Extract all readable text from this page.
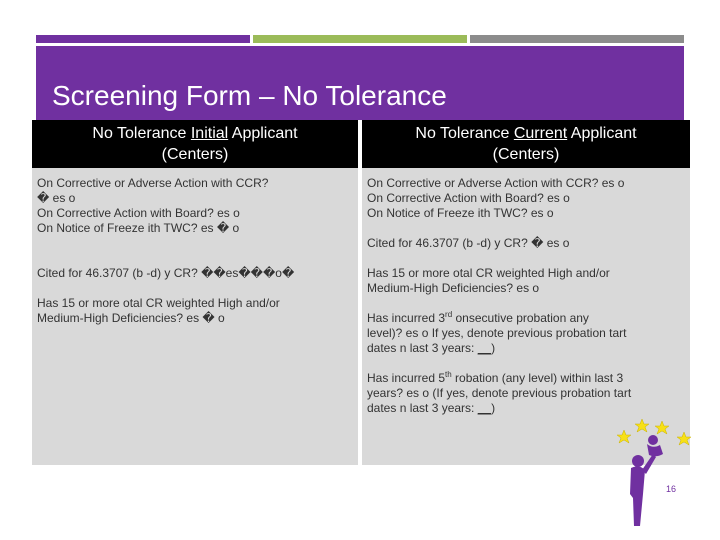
Screening Form – No Tolerance
No Tolerance Initial Applicant
(Centers)
No Tolerance Current Applicant
(Centers)
On Corrective or Adverse Action with CCR?
� es o
On Corrective Action with Board? es o
On Notice of Freeze ith TWC? es � o
Cited for 46.3707 (b -d) y CR? ��es���o�
Has 15 or more otal CR weighted High and/or
Medium-High Deficiencies? es � o
On Corrective or Adverse Action with CCR? es o
On Corrective Action with Board? es o
On Notice of Freeze ith TWC? es o
Cited for 46.3707 (b -d) y CR? � es o
Has 15 or more otal CR weighted High and/or
Medium-High Deficiencies? es o
Has incurred 3rd onsecutive probation any
level)? es o If yes, denote previous probation tart
dates n last 3 years: __)
Has incurred 5th robation (any level) within last 3
years? es o (If yes, denote previous probation tart
dates n last 3 years: __)
16
